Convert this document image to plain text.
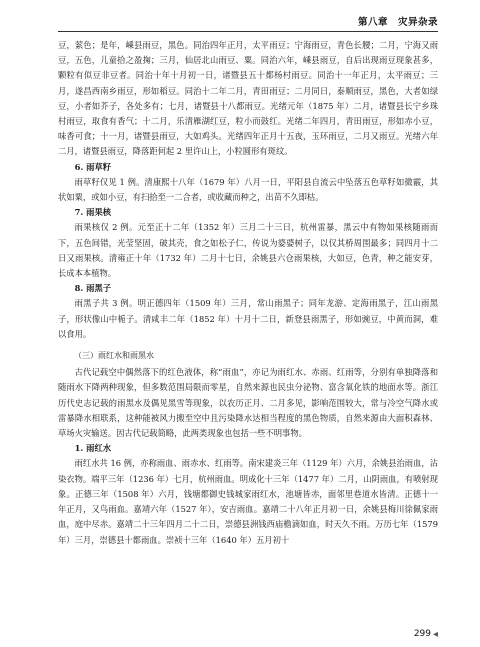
第八章　灾异杂录

豆，萦色；是年，嵊县雨豆，黑色。同治四年正月，太平雨豆；宁海雨豆，青色长腰；二月，宁海又雨豆，五色，儿童拾之盈掬；三月，仙居北山雨豆、粟。同治六年，嵊县雨豆，自后出现雨豆现象甚多，颗粒有似豆非豆者。同治十年十月初一日，诸暨县五十都杨村雨豆。同治十一年正月，太平雨豆；三月，遂昌西南乡雨豆，形如稻豆。同治十二年二月，青田雨豆；二月同日，泰顺雨豆，黑色，大者如绿豆，小者如芥子，各处多有；七月，诸暨县十八都雨豆。光绪元年（1875 年）二月，诸暨县长宁乡珠村雨豆，取食有香气；十二月，乐清雁湖红豆，粒小而鼓红。光绪二年四月，青田雨豆，形如赤小豆，味香可食；十一月，诸暨县雨豆，大如鸡头。光绪四年正月十五夜，玉环雨豆，二月又雨豆。光绪六年二月，诸暨县雨豆，降落距何起 2 里许山上，小粒圆形有斑纹。

6. 雨草籽

雨草籽仅见 1 例。清康熙十八年（1679 年）八月一日，平阳县自流云中坠落五色草籽如微霰，其状如粟，或如小豆，有扫拾至一二合者，或收藏而种之，出苗不久即枯。

7. 雨果核

雨果核仅 2 例。元至正十二年（1352 年）三月二十三日，杭州雷暴，黑云中有物如果核随雨而下，五色间错，光莹坚固，破其壳，食之如松子仁，传说为婆婆树子，以仅其桥周围最多；同四月十二日又雨果核。清雍正十年（1732 年）二月十七日，余姚县六仓雨果核，大如豆，色青，种之能安芽，长成本本植物。

8. 雨黑子

雨黑子共 3 例。明正德四年（1509 年）三月，常山雨黑子；同年龙游、定海雨黑子，江山雨黑子，形状像山中栀子。清咸丰二年（1852 年）十月十二日，新登县雨黑子，形如豌豆，中黄而洞，难以食用。

（三）雨红水和雨黑水

古代记载空中偶然落下的红色液体，称“雨血”，亦记为雨红水、赤雨、红雨等，分别有单独降落和随雨水下降两种现象，但多数范围局限而零星，自然来源也民虫分泌物、富含氧化铁的地面水等。浙江历代史志记载的雨黑水及偶见黑雪等现象，以农历正月、二月多见，影响范围较大，常与冷空气降水或雷暴降水相联系，这种能被风力搬至空中且污染降水达相当程度的黑色物质，自然来源由大面积森林、草场火灾输送。因古代记载简略，此两类现象也包括一些不明事物。

1. 雨红水

雨红水共 16 例，亦称雨血、雨赤水、红雨等。南宋建炎三年（1129 年）六月，余姚县治雨血，沾染衣物。端平三年（1236 年）七月，杭州雨血。明成化十三年（1477 年）二月，山阴雨血，有喷射现象。正德三年（1508 年）六月，钱塘都御史钱城家雨红水，池塘皆赤，面邻里巷道水皆清。正德十一年正月，又鸟雨血。嘉靖六年（1527 年），安吉雨血。嘉靖二十八年正月初一日，余姚县梅川徐佩家雨血，庭中尽赤。嘉靖二十三年四月二十二日，崇德县洲钱西庙檐滴如血，时天久不雨。万历七年（1579 年）三月，崇德县十都雨血。崇祯十三年（1640 年）五月初十

299 ◀
